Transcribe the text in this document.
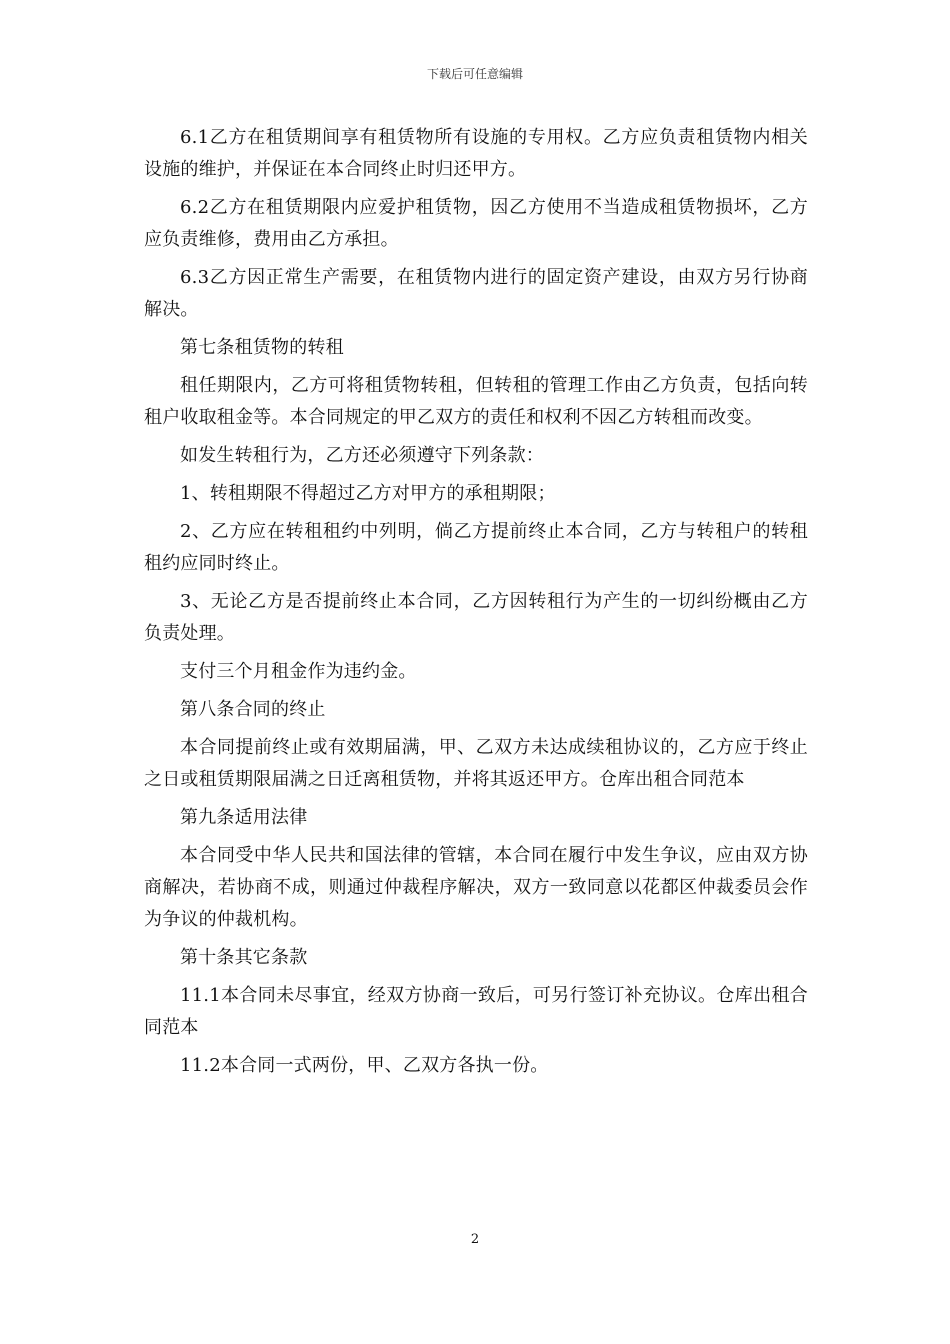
下载后可任意编辑

6.1乙方在租赁期间享有租赁物所有设施的专用权。乙方应负责租赁物内相关设施的维护，并保证在本合同终止时归还甲方。

6.2乙方在租赁期限内应爱护租赁物，因乙方使用不当造成租赁物损坏，乙方应负责维修，费用由乙方承担。

6.3乙方因正常生产需要，在租赁物内进行的固定资产建设，由双方另行协商解决。

第七条租赁物的转租

租任期限内，乙方可将租赁物转租，但转租的管理工作由乙方负责，包括向转租户收取租金等。本合同规定的甲乙双方的责任和权利不因乙方转租而改变。

如发生转租行为，乙方还必须遵守下列条款：

1、转租期限不得超过乙方对甲方的承租期限；

2、乙方应在转租租约中列明，倘乙方提前终止本合同，乙方与转租户的转租租约应同时终止。

3、无论乙方是否提前终止本合同，乙方因转租行为产生的一切纠纷概由乙方负责处理。

支付三个月租金作为违约金。

第八条合同的终止

本合同提前终止或有效期届满，甲、乙双方未达成续租协议的，乙方应于终止之日或租赁期限届满之日迁离租赁物，并将其返还甲方。仓库出租合同范本

第九条适用法律

本合同受中华人民共和国法律的管辖，本合同在履行中发生争议，应由双方协商解决，若协商不成，则通过仲裁程序解决，双方一致同意以花都区仲裁委员会作为争议的仲裁机构。

第十条其它条款

11.1本合同未尽事宜，经双方协商一致后，可另行签订补充协议。仓库出租合同范本

11.2本合同一式两份，甲、乙双方各执一份。

2
